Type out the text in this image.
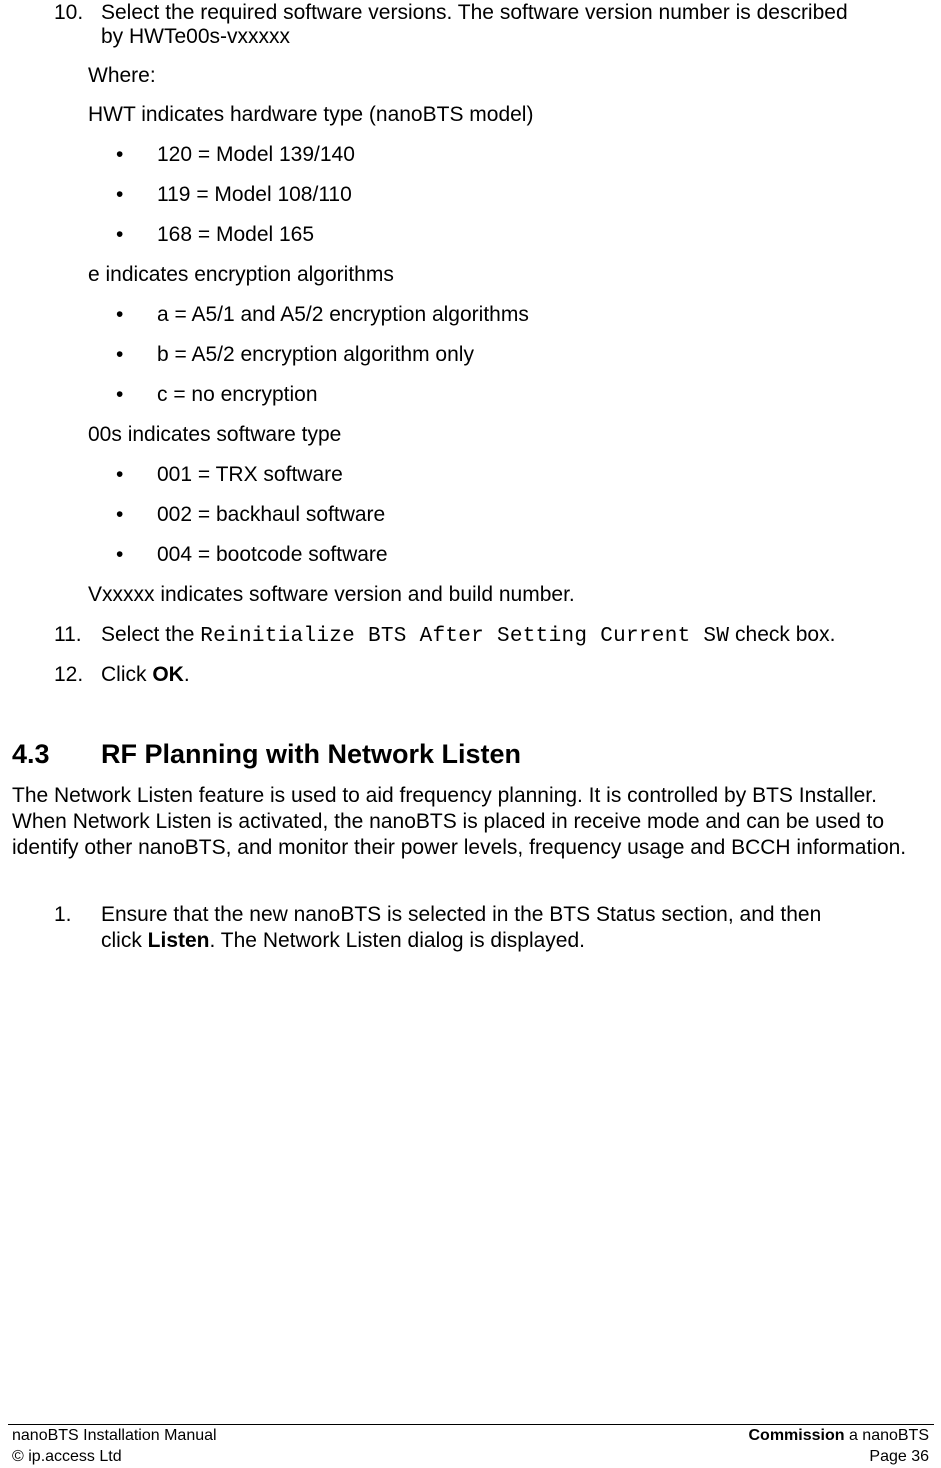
10. Select the required software versions. The software version number is described
by HWTe00s-vxxxxx
Where:
HWT indicates hardware type (nanoBTS model)
• 120 = Model 139/140
• 119 = Model 108/110
• 168 = Model 165
e indicates encryption algorithms
• a = A5/1 and A5/2 encryption algorithms
• b = A5/2 encryption algorithm only
• c = no encryption
00s indicates software type
• 001 = TRX software
• 002 = backhaul software
• 004 = bootcode software
Vxxxxx indicates software version and build number.
11. Select the Reinitialize BTS After Setting Current SW check box.
12. Click OK.
4.3 RF Planning with Network Listen
The Network Listen feature is used to aid frequency planning. It is controlled by BTS Installer. When Network Listen is activated, the nanoBTS is placed in receive mode and can be used to identify other nanoBTS, and monitor their power levels, frequency usage and BCCH information.
1. Ensure that the new nanoBTS is selected in the BTS Status section, and then
click Listen. The Network Listen dialog is displayed.
nanoBTS Installation Manual
© ip.access Ltd
Commission a nanoBTS
Page 36
